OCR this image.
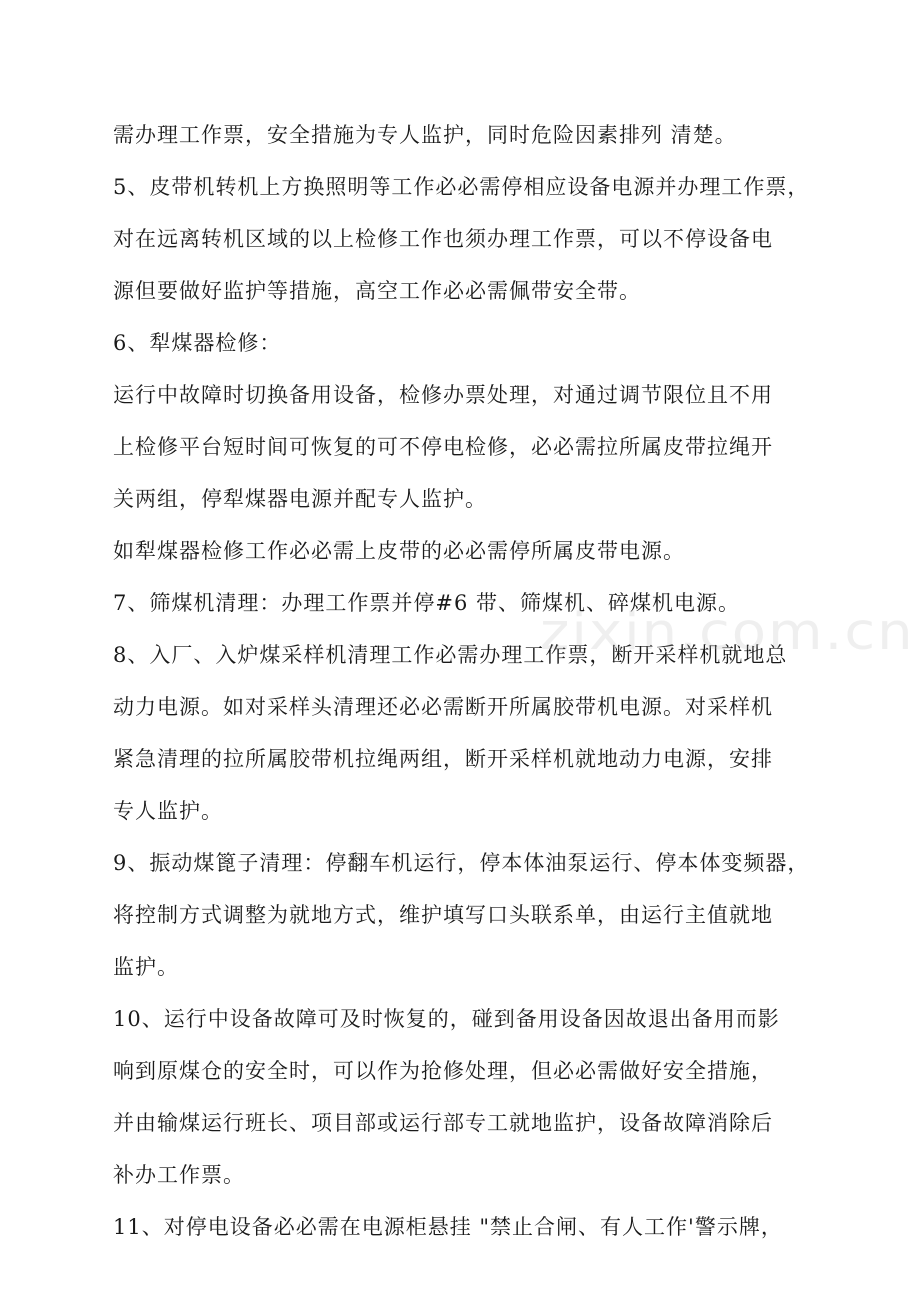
需办理工作票，安全措施为专人监护，同时危险因素排列 清楚。
5、皮带机转机上方换照明等工作必必需停相应设备电源并办理工作票，
对在远离转机区域的以上检修工作也须办理工作票，可以不停设备电
源但要做好监护等措施，高空工作必必需佩带安全带。
6、犁煤器检修：
运行中故障时切换备用设备，检修办票处理，对通过调节限位且不用
上检修平台短时间可恢复的可不停电检修，必必需拉所属皮带拉绳开
关两组，停犁煤器电源并配专人监护。
如犁煤器检修工作必必需上皮带的必必需停所属皮带电源。
7、筛煤机清理：办理工作票并停#6 带、筛煤机、碎煤机电源。
8、入厂、入炉煤采样机清理工作必需办理工作票，断开采样机就地总
动力电源。如对采样头清理还必必需断开所属胶带机电源。对采样机
紧急清理的拉所属胶带机拉绳两组，断开采样机就地动力电源，安排
专人监护。
9、振动煤篦子清理：停翻车机运行，停本体油泵运行、停本体变频器，
将控制方式调整为就地方式，维护填写口头联系单，由运行主值就地
监护。
10、运行中设备故障可及时恢复的，碰到备用设备因故退出备用而影
响到原煤仓的安全时，可以作为抢修处理，但必必需做好安全措施，
并由输煤运行班长、项目部或运行部专工就地监护，设备故障消除后
补办工作票。
11、对停电设备必必需在电源柜悬挂 "禁止合闸、有人工作'警示牌，
zixin.com.cn
